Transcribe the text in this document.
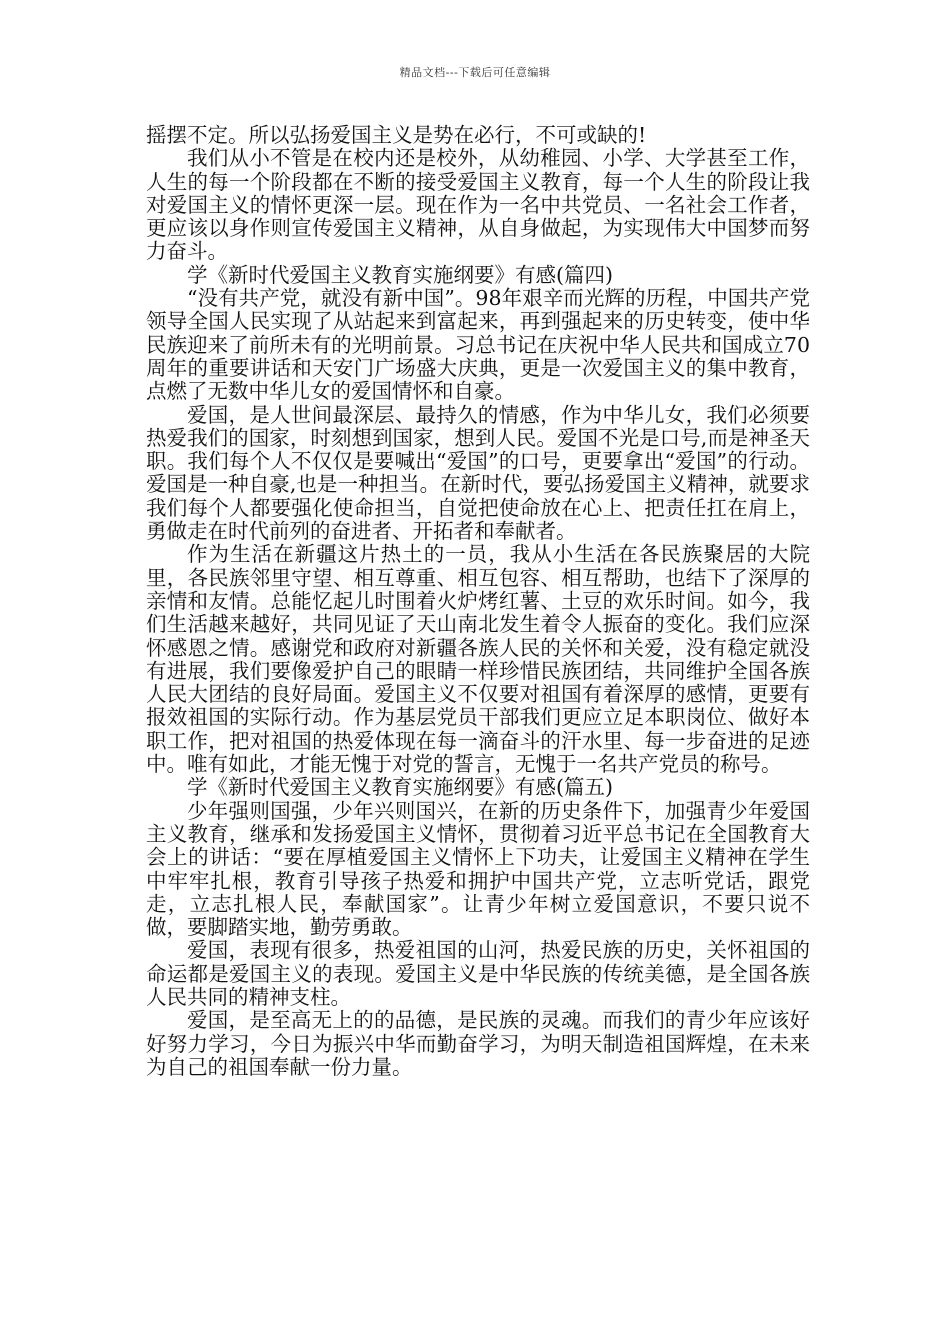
精品文档---下载后可任意编辑

摇摆不定。所以弘扬爱国主义是势在必行，不可或缺的!

我们从小不管是在校内还是校外，从幼稚园、小学、大学甚至工作，人生的每一个阶段都在不断的接受爱国主义教育，每一个人生的阶段让我对爱国主义的情怀更深一层。现在作为一名中共党员、一名社会工作者，更应该以身作则宣传爱国主义精神，从自身做起，为实现伟大中国梦而努力奋斗。

学《新时代爱国主义教育实施纲要》有感(篇四)

“没有共产党，就没有新中国”。98年艰辛而光辉的历程，中国共产党领导全国人民实现了从站起来到富起来，再到强起来的历史转变，使中华民族迎来了前所未有的光明前景。习总书记在庆祝中华人民共和国成立70周年的重要讲话和天安门广场盛大庆典，更是一次爱国主义的集中教育，点燃了无数中华儿女的爱国情怀和自豪。

爱国，是人世间最深层、最持久的情感，作为中华儿女，我们必须要热爱我们的国家，时刻想到国家，想到人民。爱国不光是口号,而是神圣天职。我们每个人不仅仅是要喊出“爱国”的口号，更要拿出“爱国”的行动。爱国是一种自豪,也是一种担当。在新时代，要弘扬爱国主义精神，就要求我们每个人都要强化使命担当，自觉把使命放在心上、把责任扛在肩上，勇做走在时代前列的奋进者、开拓者和奉献者。

作为生活在新疆这片热土的一员，我从小生活在各民族聚居的大院里，各民族邻里守望、相互尊重、相互包容、相互帮助，也结下了深厚的亲情和友情。总能忆起儿时围着火炉烤红薯、土豆的欢乐时间。如今，我们生活越来越好，共同见证了天山南北发生着令人振奋的变化。我们应深怀感恩之情。感谢党和政府对新疆各族人民的关怀和关爱，没有稳定就没有进展，我们要像爱护自己的眼睛一样珍惜民族团结，共同维护全国各族人民大团结的良好局面。爱国主义不仅要对祖国有着深厚的感情，更要有报效祖国的实际行动。作为基层党员干部我们更应立足本职岗位、做好本职工作，把对祖国的热爱体现在每一滴奋斗的汗水里、每一步奋进的足迹中。唯有如此，才能无愧于对党的誓言，无愧于一名共产党员的称号。

学《新时代爱国主义教育实施纲要》有感(篇五)

少年强则国强，少年兴则国兴，在新的历史条件下，加强青少年爱国主义教育，继承和发扬爱国主义情怀，贯彻着习近平总书记在全国教育大会上的讲话：“要在厚植爱国主义情怀上下功夫，让爱国主义精神在学生中牢牢扎根，教育引导孩子热爱和拥护中国共产党，立志听党话，跟党走，立志扎根人民，奉献国家”。让青少年树立爱国意识，不要只说不做，要脚踏实地，勤劳勇敢。

爱国，表现有很多，热爱祖国的山河，热爱民族的历史，关怀祖国的命运都是爱国主义的表现。爱国主义是中华民族的传统美德，是全国各族人民共同的精神支柱。

爱国，是至高无上的的品德，是民族的灵魂。而我们的青少年应该好好努力学习，今日为振兴中华而勤奋学习，为明天制造祖国辉煌，在未来为自己的祖国奉献一份力量。
